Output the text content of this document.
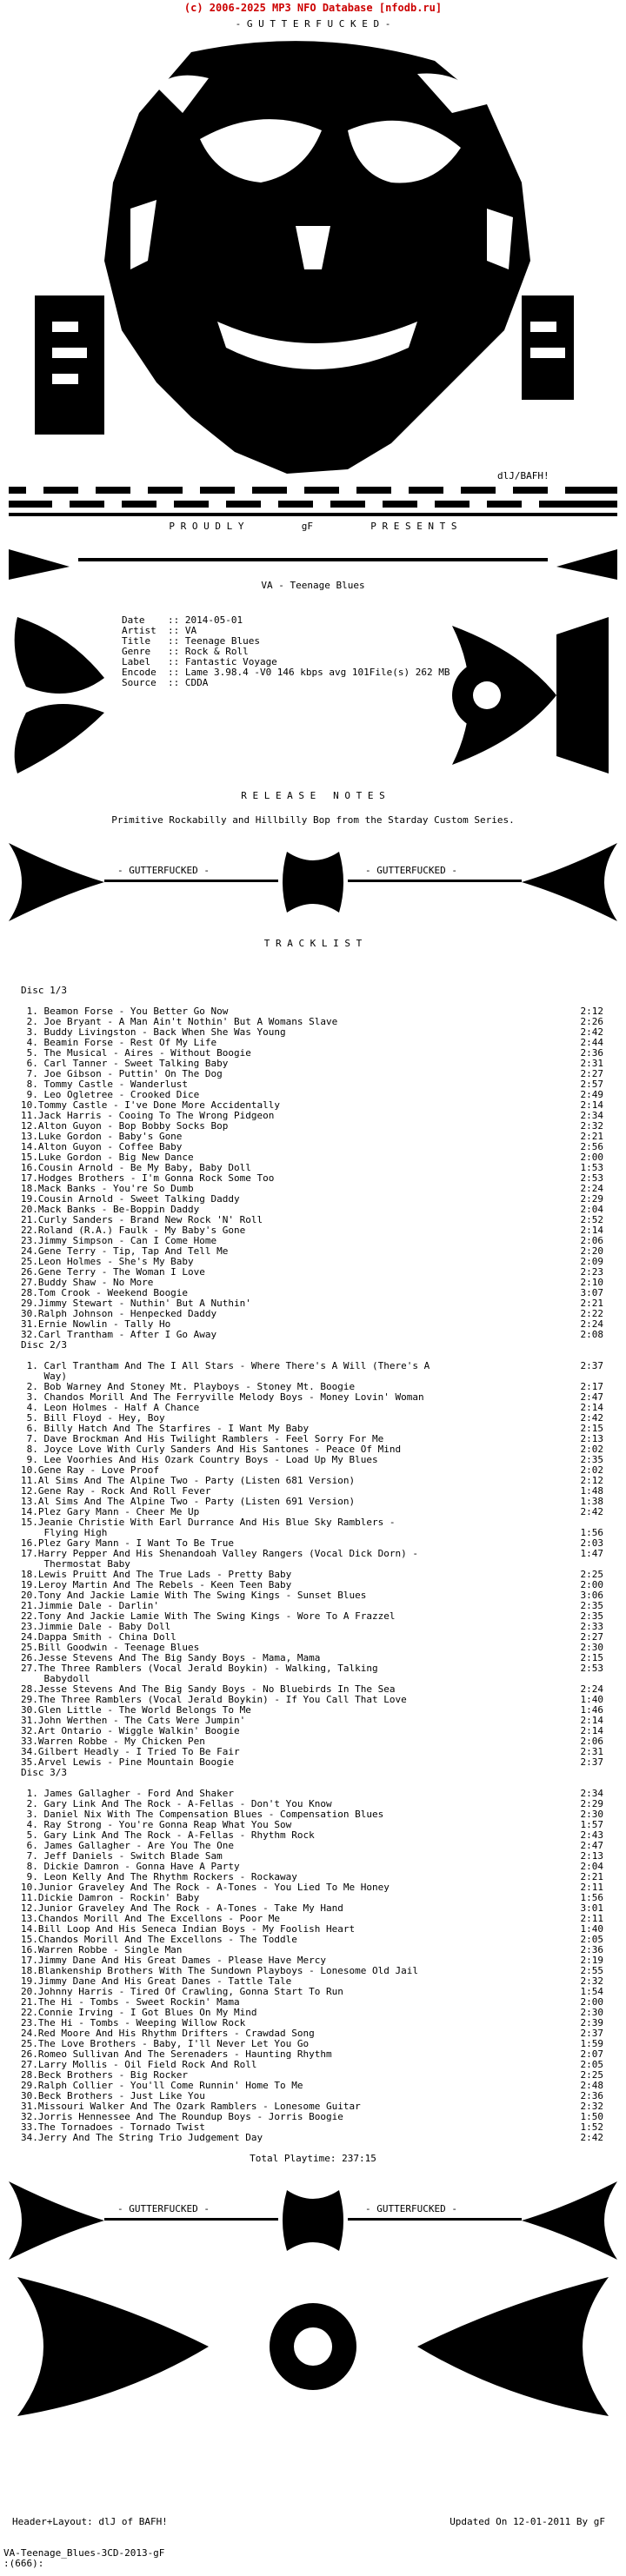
(c) 2006-2025 MP3 NFO Database [nfodb.ru]
- G U T T E R F U C K E D -
dlJ/BAFH!
P R O U D L Y          gF          P R E S E N T S
VA - Teenage Blues
Date    :: 2014-05-01
Artist  :: VA
Title   :: Teenage Blues
Genre   :: Rock & Roll
Label   :: Fantastic Voyage
Encode  :: Lame 3.98.4 -V0 146 kbps avg 101File(s) 262 MB
Source  :: CDDA
R E L E A S E   N O T E S
Primitive Rockabilly and Hillbilly Bop from the Starday Custom Series.
- GUTTERFUCKED -	- GUTTERFUCKED -
T R A C K L I S T
Disc 1/3
1. Beamon Forse - You Better Go Now	2:12
2. Joe Bryant - A Man Ain't Nothin' But A Womans Slave	2:26
3. Buddy Livingston - Back When She Was Young	2:42
4. Beamin Forse - Rest Of My Life	2:44
5. The Musical - Aires - Without Boogie	2:36
6. Carl Tanner - Sweet Talking Baby	2:31
7. Joe Gibson - Puttin' On The Dog	2:27
8. Tommy Castle - Wanderlust	2:57
9. Leo Ogletree - Crooked Dice	2:49
10.Tommy Castle - I've Done More Accidentally	2:14
11.Jack Harris - Cooing To The Wrong Pidgeon	2:34
12.Alton Guyon - Bop Bobby Socks Bop	2:32
13.Luke Gordon - Baby's Gone	2:21
14.Alton Guyon - Coffee Baby	2:56
15.Luke Gordon - Big New Dance	2:00
16.Cousin Arnold - Be My Baby, Baby Doll	1:53
17.Hodges Brothers - I'm Gonna Rock Some Too	2:53
18.Mack Banks - You're So Dumb	2:24
19.Cousin Arnold - Sweet Talking Daddy	2:29
20.Mack Banks - Be-Boppin Daddy	2:04
21.Curly Sanders - Brand New Rock 'N' Roll	2:52
22.Roland (R.A.) Faulk - My Baby's Gone	2:14
23.Jimmy Simpson - Can I Come Home	2:06
24.Gene Terry - Tip, Tap And Tell Me	2:20
25.Leon Holmes - She's My Baby	2:09
26.Gene Terry - The Woman I Love	2:23
27.Buddy Shaw - No More	2:10
28.Tom Crook - Weekend Boogie	3:07
29.Jimmy Stewart - Nuthin' But A Nuthin'	2:21
30.Ralph Johnson - Henpecked Daddy	2:22
31.Ernie Nowlin - Tally Ho	2:24
32.Carl Trantham - After I Go Away	2:08
Disc 2/3
1. Carl Trantham And The I All Stars - Where There's A Will (There's A	2:37
Way)
2. Bob Warney And Stoney Mt. Playboys - Stoney Mt. Boogie	2:17
3. Chandos Morill And The Ferryville Melody Boys - Money Lovin' Woman	2:47
4. Leon Holmes - Half A Chance	2:14
5. Bill Floyd - Hey, Boy	2:42
6. Billy Hatch And The Starfires - I Want My Baby	2:15
7. Dave Brockman And His Twilight Ramblers - Feel Sorry For Me	2:13
8. Joyce Love With Curly Sanders And His Santones - Peace Of Mind	2:02
9. Lee Voorhies And His Ozark Country Boys - Load Up My Blues	2:35
10.Gene Ray - Love Proof	2:02
11.Al Sims And The Alpine Two - Party (Listen 681 Version)	2:12
12.Gene Ray - Rock And Roll Fever	1:48
13.Al Sims And The Alpine Two - Party (Listen 691 Version)	1:38
14.Plez Gary Mann - Cheer Me Up	2:42
15.Jeanie Christie With Earl Durrance And His Blue Sky Ramblers -
Flying High	1:56
16.Plez Gary Mann - I Want To Be True	2:03
17.Harry Pepper And His Shenandoah Valley Rangers (Vocal Dick Dorn) -	1:47
Thermostat Baby
18.Lewis Pruitt And The True Lads - Pretty Baby	2:25
19.Leroy Martin And The Rebels - Keen Teen Baby	2:00
20.Tony And Jackie Lamie With The Swing Kings - Sunset Blues	3:06
21.Jimmie Dale - Darlin'	2:35
22.Tony And Jackie Lamie With The Swing Kings - Wore To A Frazzel	2:35
23.Jimmie Dale - Baby Doll	2:33
24.Dappa Smith - China Doll	2:27
25.Bill Goodwin - Teenage Blues	2:30
26.Jesse Stevens And The Big Sandy Boys - Mama, Mama	2:15
27.The Three Ramblers (Vocal Jerald Boykin) - Walking, Talking	2:53
Babydoll
28.Jesse Stevens And The Big Sandy Boys - No Bluebirds In The Sea	2:24
29.The Three Ramblers (Vocal Jerald Boykin) - If You Call That Love	1:40
30.Glen Little - The World Belongs To Me	1:46
31.John Werthen - The Cats Were Jumpin'	2:14
32.Art Ontario - Wiggle Walkin' Boogie	2:14
33.Warren Robbe - My Chicken Pen	2:06
34.Gilbert Headly - I Tried To Be Fair	2:31
35.Arvel Lewis - Pine Mountain Boogie	2:37
Disc 3/3
1. James Gallagher - Ford And Shaker	2:34
2. Gary Link And The Rock - A-Fellas - Don't You Know	2:29
3. Daniel Nix With The Compensation Blues - Compensation Blues	2:30
4. Ray Strong - You're Gonna Reap What You Sow	1:57
5. Gary Link And The Rock - A-Fellas - Rhythm Rock	2:43
6. James Gallagher - Are You The One	2:47
7. Jeff Daniels - Switch Blade Sam	2:13
8. Dickie Damron - Gonna Have A Party	2:04
9. Leon Kelly And The Rhythm Rockers - Rockaway	2:21
10.Junior Graveley And The Rock - A-Tones - You Lied To Me Honey	2:11
11.Dickie Damron - Rockin' Baby	1:56
12.Junior Graveley And The Rock - A-Tones - Take My Hand	3:01
13.Chandos Morill And The Excellons - Poor Me	2:11
14.Bill Loop And His Seneca Indian Boys - My Foolish Heart	1:40
15.Chandos Morill And The Excellons - The Toddle	2:05
16.Warren Robbe - Single Man	2:36
17.Jimmy Dane And His Great Dames - Please Have Mercy	2:19
18.Blankenship Brothers With The Sundown Playboys - Lonesome Old Jail	2:55
19.Jimmy Dane And His Great Danes - Tattle Tale	2:32
20.Johnny Harris - Tired Of Crawling, Gonna Start To Run	1:54
21.The Hi - Tombs - Sweet Rockin' Mama	2:00
22.Connie Irving - I Got Blues On My Mind	2:30
23.The Hi - Tombs - Weeping Willow Rock	2:39
24.Red Moore And His Rhythm Drifters - Crawdad Song	2:37
25.The Love Brothers - Baby, I'll Never Let You Go	1:59
26.Romeo Sullivan And The Serenaders - Haunting Rhythm	2:07
27.Larry Mollis - Oil Field Rock And Roll	2:05
28.Beck Brothers - Big Rocker	2:25
29.Ralph Collier - You'll Come Runnin' Home To Me	2:48
30.Beck Brothers - Just Like You	2:36
31.Missouri Walker And The Ozark Ramblers - Lonesome Guitar	2:32
32.Jorris Hennessee And The Roundup Boys - Jorris Boogie	1:50
33.The Tornadoes - Tornado Twist	1:52
34.Jerry And The String Trio Judgement Day	2:42
Total Playtime: 237:15
- GUTTERFUCKED -	- GUTTERFUCKED -
Header+Layout: dlJ of BAFH!	Updated On 12-01-2011 By gF
VA-Teenage_Blues-3CD-2013-gF
:(666):
